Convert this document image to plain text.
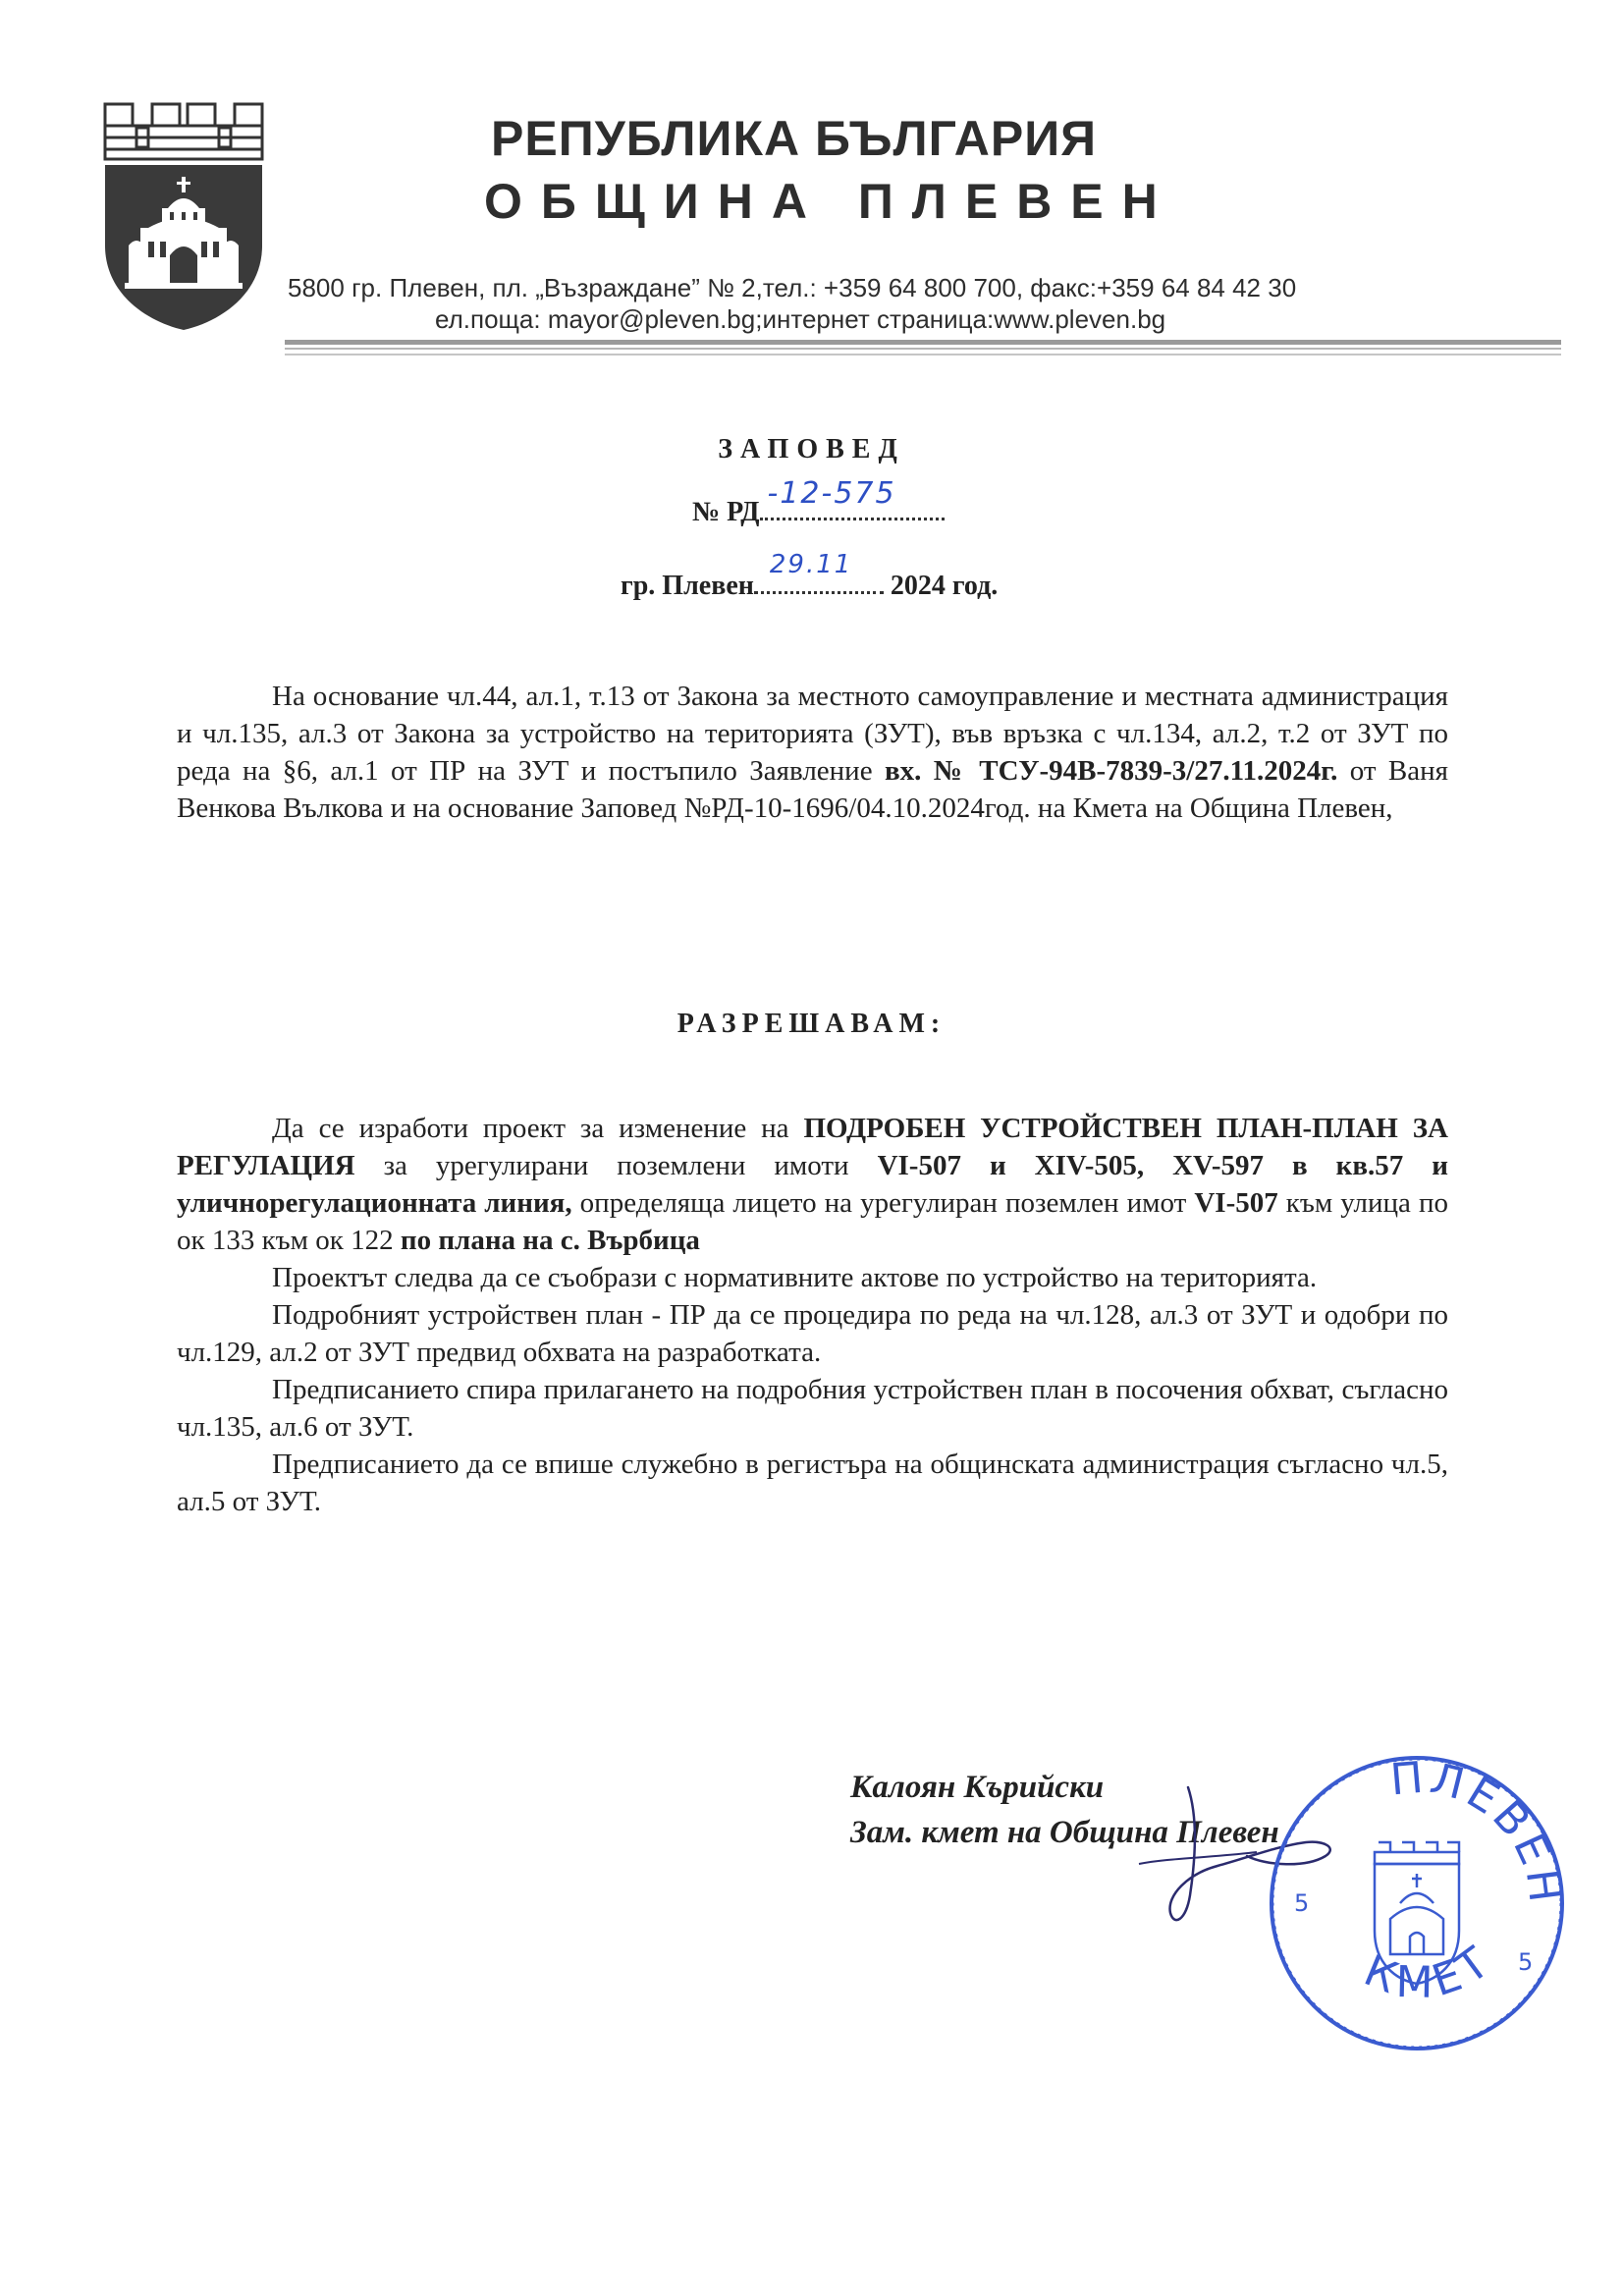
РЕПУБЛИКА БЪЛГАРИЯ
ОБЩИНА ПЛЕВЕН
5800 гр. Плевен, пл. „Възраждане” № 2,тел.: +359 64 800 700, факс:+359 64 84 42 30
ел.поща: mayor@pleven.bg;интернет страница:www.pleven.bg
ЗАПОВЕД
№ РД
-12-575
гр. Плевен
29.11
2024 год.
На основание чл.44, ал.1, т.13 от Закона за местното самоуправление и местната администрация и чл.135, ал.3 от Закона за устройство на територията (ЗУТ), във връзка с чл.134, ал.2, т.2 от ЗУТ по реда на §6, ал.1 от ПР на ЗУТ и постъпило Заявление вх. № ТСУ-94В-7839-3/27.11.2024г. от Ваня Венкова Вълкова и на основание Заповед №РД-10-1696/04.10.2024год. на Кмета на Община Плевен,
РАЗРЕШАВАМ:
Да се изработи проект за изменение на ПОДРОБЕН УСТРОЙСТВЕН ПЛАН-ПЛАН ЗА РЕГУЛАЦИЯ за урегулирани поземлени имоти VI-507 и XIV-505, XV-597 в кв.57 и уличнорегулационната линия, определяща лицето на урегулиран поземлен имот VI-507 към улица по ок 133 към ок 122 по плана на с. Върбица

Проектът следва да се съобрази с нормативните актове по устройство на територията.

Подробният устройствен план - ПР да се процедира по реда на чл.128, ал.3 от ЗУТ и одобри по чл.129, ал.2 от ЗУТ предвид обхвата на разработката.

Предписанието спира прилагането на подробния устройствен план в посочения обхват, съгласно чл.135, ал.6 от ЗУТ.

Предписанието да се впише служебно в регистъра на общинската администрация съгласно чл.5, ал.5 от ЗУТ.

Калоян Кърийски
Зам. кмет на Община Плевен
ПЛЕВЕН
КМЕТ
5
5
